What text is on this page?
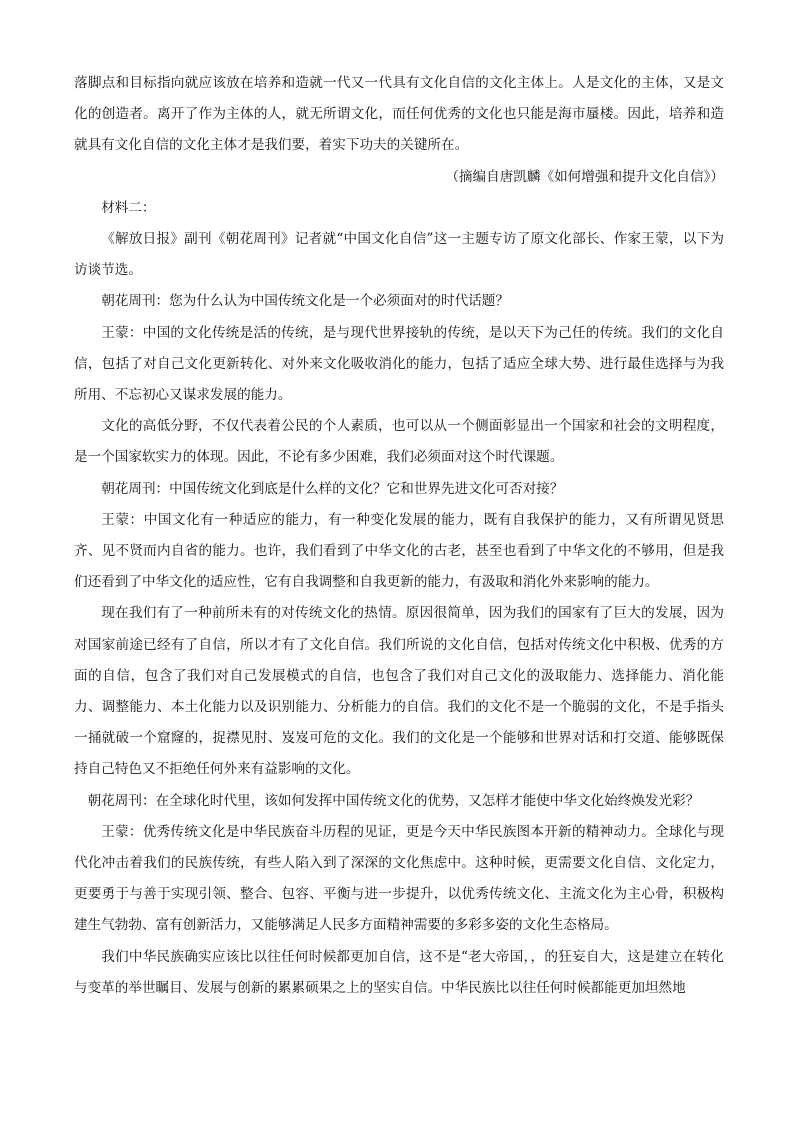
落脚点和目标指向就应该放在培养和造就一代又一代具有文化自信的文化主体上。人是文化的主体，又是文化的创造者。离开了作为主体的人，就无所谓文化，而任何优秀的文化也只能是海市蜃楼。因此，培养和造就具有文化自信的文化主体才是我们要，着实下功夫的关键所在。

（摘编自唐凯麟《如何增强和提升文化自信》）

材料二：

《解放日报》副刊《朝花周刊》记者就“中国文化自信”这一主题专访了原文化部长、作家王蒙，以下为访谈节选。

朝花周刊：您为什么认为中国传统文化是一个必须面对的时代话题？

王蒙：中国的文化传统是活的传统，是与现代世界接轨的传统，是以天下为己任的传统。我们的文化自信，包括了对自己文化更新转化、对外来文化吸收消化的能力，包括了适应全球大势、进行最佳选择与为我所用、不忘初心又谋求发展的能力。

文化的高低分野，不仅代表着公民的个人素质，也可以从一个侧面彰显出一个国家和社会的文明程度，是一个国家软实力的体现。因此，不论有多少困难，我们必须面对这个时代课题。

朝花周刊：中国传统文化到底是什么样的文化？它和世界先进文化可否对接？

王蒙：中国文化有一种适应的能力，有一种变化发展的能力，既有自我保护的能力，又有所谓见贤思齐、见不贤而内自省的能力。也许，我们看到了中华文化的古老，甚至也看到了中华文化的不够用，但是我们还看到了中华文化的适应性，它有自我调整和自我更新的能力，有汲取和消化外来影响的能力。

现在我们有了一种前所未有的对传统文化的热情。原因很简单，因为我们的国家有了巨大的发展，因为对国家前途已经有了自信，所以才有了文化自信。我们所说的文化自信，包括对传统文化中积极、优秀的方面的自信，包含了我们对自己发展模式的自信，也包含了我们对自己文化的汲取能力、选择能力、消化能力、调整能力、本土化能力以及识别能力、分析能力的自信。我们的文化不是一个脆弱的文化，不是手指头一捅就破一个窟窿的，捉襟见肘、岌岌可危的文化。我们的文化是一个能够和世界对话和打交道、能够既保持自己特色又不拒绝任何外来有益影响的文化。

朝花周刊：在全球化时代里，该如何发挥中国传统文化的优势，又怎样才能使中华文化始终焕发光彩？

王蒙：优秀传统文化是中华民族奋斗历程的见证，更是今天中华民族图本开新的精神动力。全球化与现代化冲击着我们的民族传统，有些人陷入到了深深的文化焦虑中。这种时候，更需要文化自信、文化定力，更要勇于与善于实现引领、整合、包容、平衡与进一步提升，以优秀传统文化、主流文化为主心骨，积极构建生气勃勃、富有创新活力，又能够满足人民多方面精神需要的多彩多姿的文化生态格局。

我们中华民族确实应该比以往任何时候都更加自信，这不是“老大帝国，，的狂妄自大，这是建立在转化与变革的举世瞩目、发展与创新的累累硕果之上的坚实自信。中华民族比以往任何时候都能更加坦然地
